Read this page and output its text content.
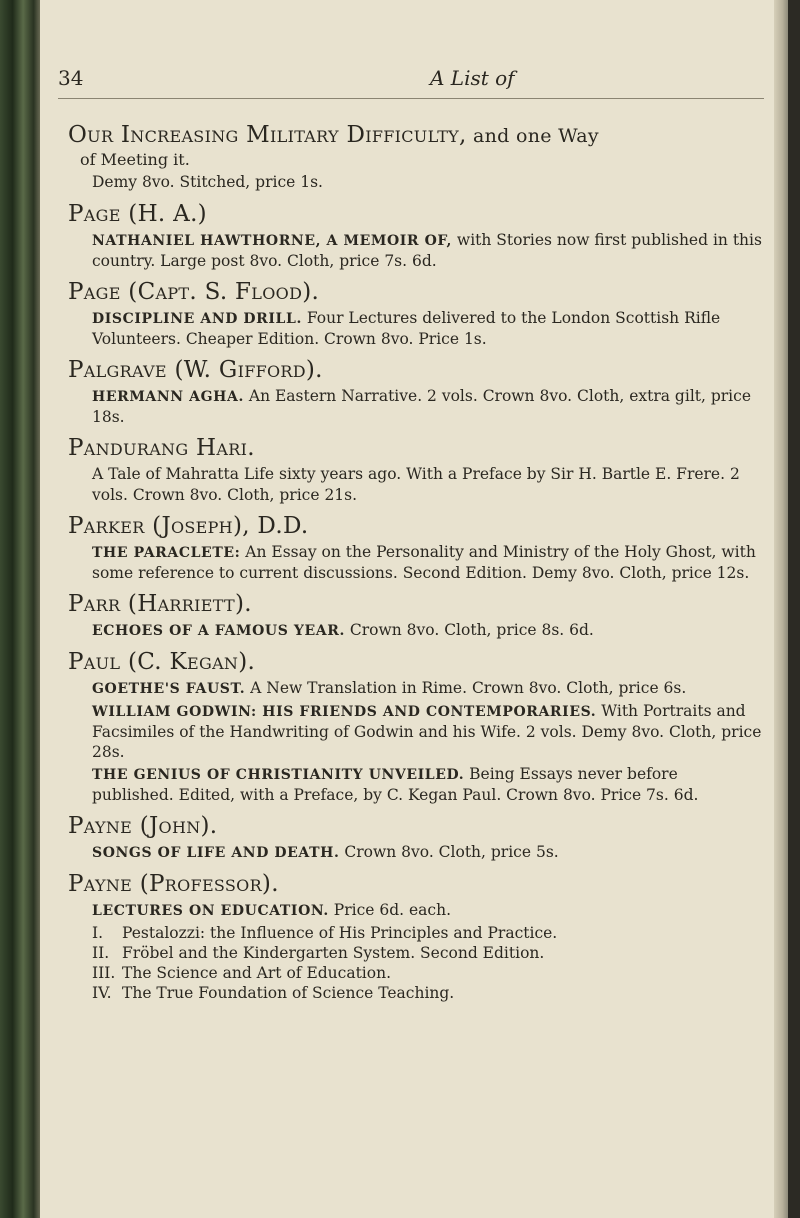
34	A List of
Our Increasing Military Difficulty, and one Way
of Meeting it.
Demy 8vo. Stitched, price 1s.
Page (H. A.)
NATHANIEL HAWTHORNE, A MEMOIR OF, with Stories now first published in this country. Large post 8vo. Cloth, price 7s. 6d.
Page (Capt. S. Flood).
DISCIPLINE AND DRILL. Four Lectures delivered to the London Scottish Rifle Volunteers. Cheaper Edition. Crown 8vo. Price 1s.
Palgrave (W. Gifford).
HERMANN AGHA. An Eastern Narrative. 2 vols. Crown 8vo. Cloth, extra gilt, price 18s.
Pandurang Hari.
A Tale of Mahratta Life sixty years ago. With a Preface by Sir H. Bartle E. Frere. 2 vols. Crown 8vo. Cloth, price 21s.
Parker (Joseph), D.D.
THE PARACLETE: An Essay on the Personality and Ministry of the Holy Ghost, with some reference to current discussions. Second Edition. Demy 8vo. Cloth, price 12s.
Parr (Harriett).
ECHOES OF A FAMOUS YEAR. Crown 8vo. Cloth, price 8s. 6d.
Paul (C. Kegan).
GOETHE'S FAUST. A New Translation in Rime. Crown 8vo. Cloth, price 6s.
WILLIAM GODWIN: HIS FRIENDS AND CONTEMPORARIES. With Portraits and Facsimiles of the Handwriting of Godwin and his Wife. 2 vols. Demy 8vo. Cloth, price 28s.
THE GENIUS OF CHRISTIANITY UNVEILED. Being Essays never before published. Edited, with a Preface, by C. Kegan Paul. Crown 8vo. Price 7s. 6d.
Payne (John).
SONGS OF LIFE AND DEATH. Crown 8vo. Cloth, price 5s.
Payne (Professor).
LECTURES ON EDUCATION. Price 6d. each.
I. Pestalozzi: the Influence of His Principles and Practice.
II. Fröbel and the Kindergarten System. Second Edition.
III. The Science and Art of Education.
IV. The True Foundation of Science Teaching.
